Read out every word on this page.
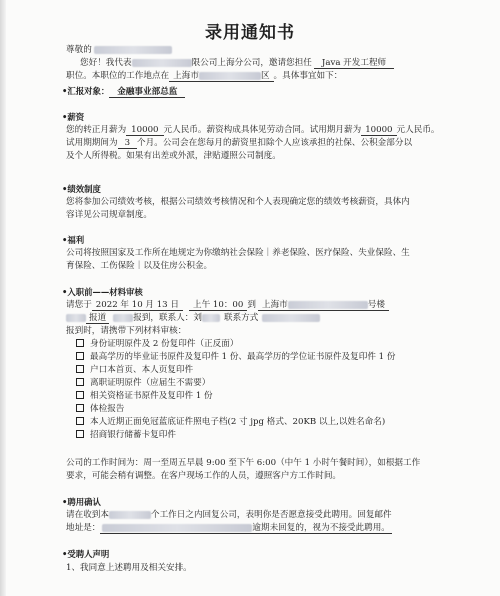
录用通知书
尊敬的
您好！我代表	限公司上海分公司，邀请您担任 Java 开发工程师
职位。本职位的工作地点在 上海市	区 。具体事宜如下：
•汇报对象： 金融事业部总监
•薪资
您的转正月薪为 10000 元人民币。薪资构成具体见劳动合同。试用期月薪为 10000 元人民币。
试用期期间为 3 个月。公司会在您每月的薪资里扣除个人应该承担的社保、公积金部分以
及个人所得税。如果有出差或外派，津贴遵照公司制度。
•绩效制度
您将参加公司绩效考核，根据公司绩效考核情况和个人表现确定您的绩效考核薪资，具体内
容详见公司规章制度。
•福利
公司将按照国家及工作所在地规定为你缴纳社会保险｜养老保险、医疗保险、失业保险、生
育保险、工伤保险｜以及住房公积金。
•入职前——材料审核
请您于 2022 年 10 月 13 日 上午 10：00 到 上海市	号楼
报道	报到，联系人：刘	联系方式
报到时，请携带下列材料审核：
身份证明原件及 2 份复印件（正反面）
最高学历的毕业证书原件及复印件 1 份、最高学历的学位证书原件及复印件 1 份
户口本首页、本人页复印件
离职证明原件（应届生不需要）
相关资格证书原件及复印件 1 份
体检报告
本人近期正面免冠蓝底证件照电子档(2 寸 jpg 格式、20KB 以上,以姓名命名)
招商银行储蓄卡复印件
公司的工作时间为：周一至周五早晨 9:00 至下午 6:00（中午 1 小时午餐时间），如根据工作
要求，可能会稍有调整。在客户现场工作的人员，遵照客户方工作时间。
•聘用确认
请在收到本	个工作日之内回复公司，表明你是否愿意接受此聘用。回复邮件
地址是：	逾期未回复的，视为不接受此聘用。
•受聘人声明
1、我同意上述聘用及相关安排。
